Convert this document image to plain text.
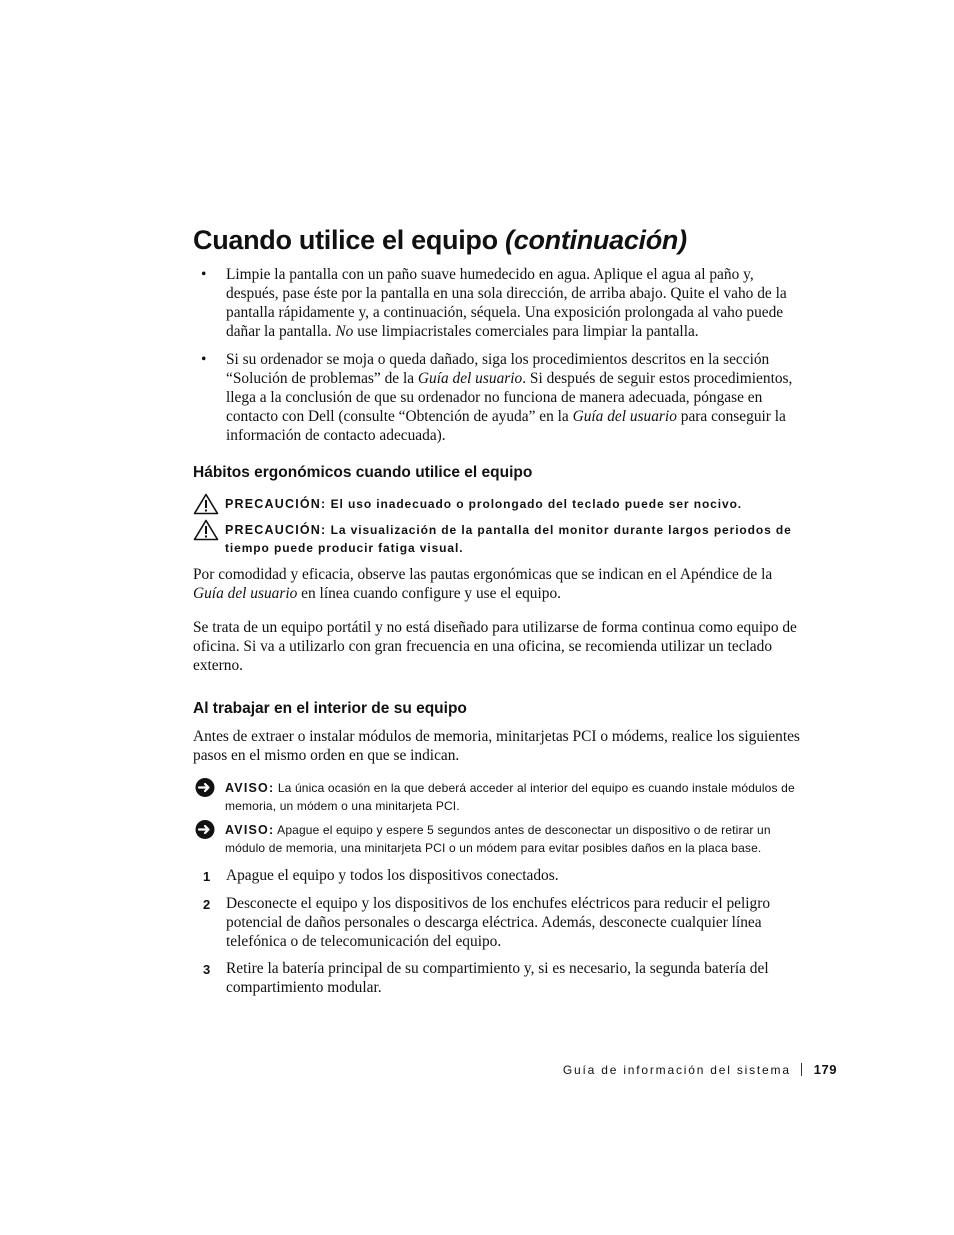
Cuando utilice el equipo (continuación)
• Limpie la pantalla con un paño suave humedecido en agua. Aplique el agua al paño y, después, pase éste por la pantalla en una sola dirección, de arriba abajo. Quite el vaho de la pantalla rápidamente y, a continuación, séquela. Una exposición prolongada al vaho puede dañar la pantalla. No use limpiacristales comerciales para limpiar la pantalla.
• Si su ordenador se moja o queda dañado, siga los procedimientos descritos en la sección “Solución de problemas” de la Guía del usuario. Si después de seguir estos procedimientos, llega a la conclusión de que su ordenador no funciona de manera adecuada, póngase en contacto con Dell (consulte “Obtención de ayuda” en la Guía del usuario para conseguir la información de contacto adecuada).
Hábitos ergonómicos cuando utilice el equipo
PRECAUCIÓN: El uso inadecuado o prolongado del teclado puede ser nocivo.
PRECAUCIÓN: La visualización de la pantalla del monitor durante largos periodos de tiempo puede producir fatiga visual.
Por comodidad y eficacia, observe las pautas ergonómicas que se indican en el Apéndice de la Guía del usuario en línea cuando configure y use el equipo.
Se trata de un equipo portátil y no está diseñado para utilizarse de forma continua como equipo de oficina. Si va a utilizarlo con gran frecuencia en una oficina, se recomienda utilizar un teclado externo.
Al trabajar en el interior de su equipo
Antes de extraer o instalar módulos de memoria, minitarjetas PCI o módems, realice los siguientes pasos en el mismo orden en que se indican.
AVISO: La única ocasión en la que deberá acceder al interior del equipo es cuando instale módulos de memoria, un módem o una minitarjeta PCI.
AVISO: Apague el equipo y espere 5 segundos antes de desconectar un dispositivo o de retirar un módulo de memoria, una minitarjeta PCI o un módem para evitar posibles daños en la placa base.
1 Apague el equipo y todos los dispositivos conectados.
2 Desconecte el equipo y los dispositivos de los enchufes eléctricos para reducir el peligro potencial de daños personales o descarga eléctrica. Además, desconecte cualquier línea telefónica o de telecomunicación del equipo.
3 Retire la batería principal de su compartimiento y, si es necesario, la segunda batería del compartimiento modular.
Guía de información del sistema 179
